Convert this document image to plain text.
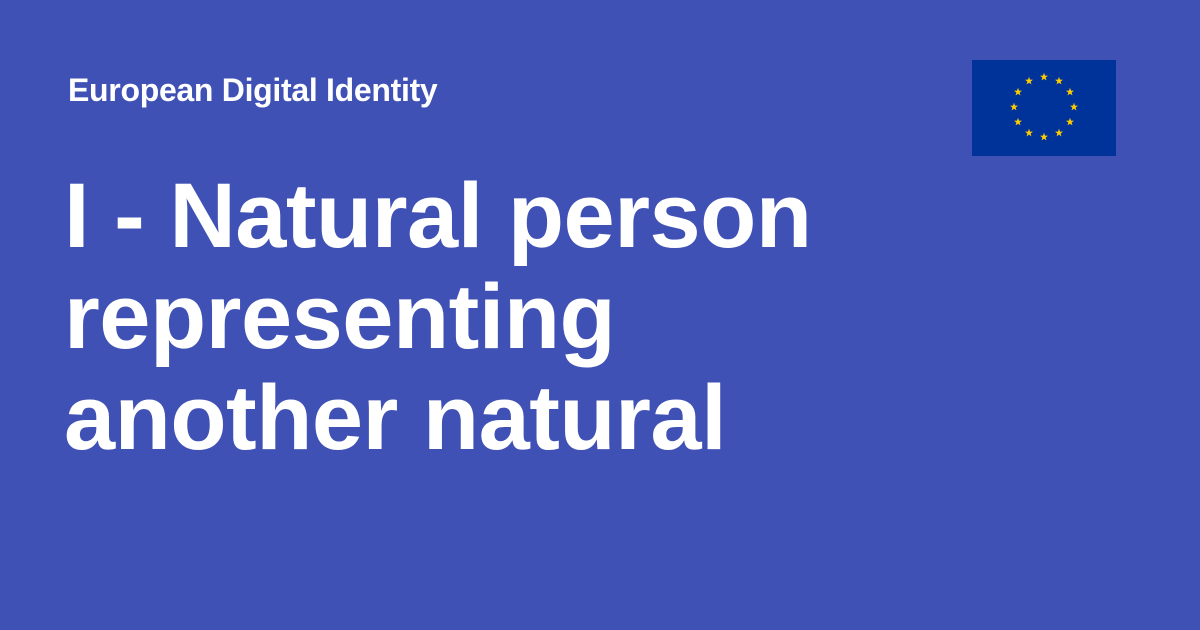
European Digital Identity
I - Natural person
representing
another natural
